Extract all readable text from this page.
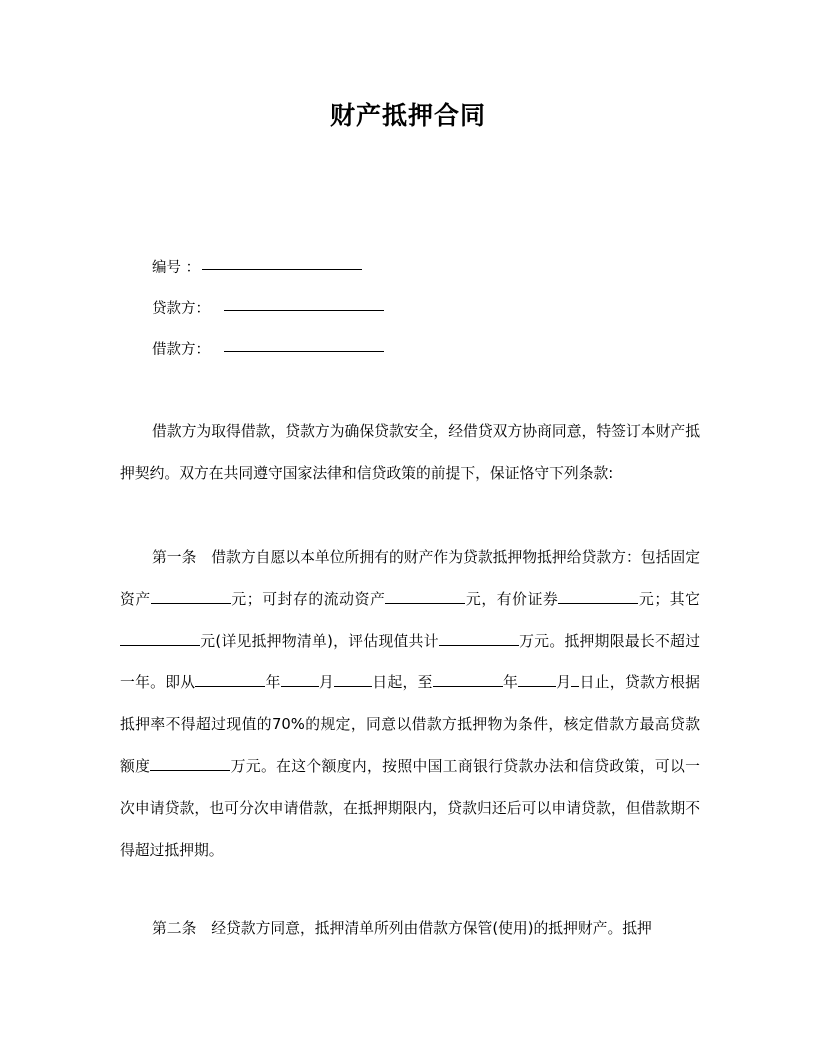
财产抵押合同
编号 ：
贷款方：
借款方：

借款方为取得借款，贷款方为确保贷款安全，经借贷双方协商同意，特签订本财产抵押契约。双方在共同遵守国家法律和信贷政策的前提下，保证恪守下列条款:

第一条　借款方自愿以本单位所拥有的财产作为贷款抵押物抵押给贷款方：包括固定资产	元；可封存的流动资产	元，有价证券	元；其它元(详见抵押物清单)，评估现值共计	万元。抵押期限最长不超过一年。即从	年	月	日起，至	年	月 日止，贷款方根据抵押率不得超过现值的70%的规定，同意以借款方抵押物为条件，核定借款方最高贷款额度	万元。在这个额度内，按照中国工商银行贷款办法和信贷政策，可以一次申请贷款，也可分次申请借款，在抵押期限内，贷款归还后可以申请贷款，但借款期不得超过抵押期。

第二条　经贷款方同意，抵押清单所列由借款方保管(使用)的抵押财产。抵押
